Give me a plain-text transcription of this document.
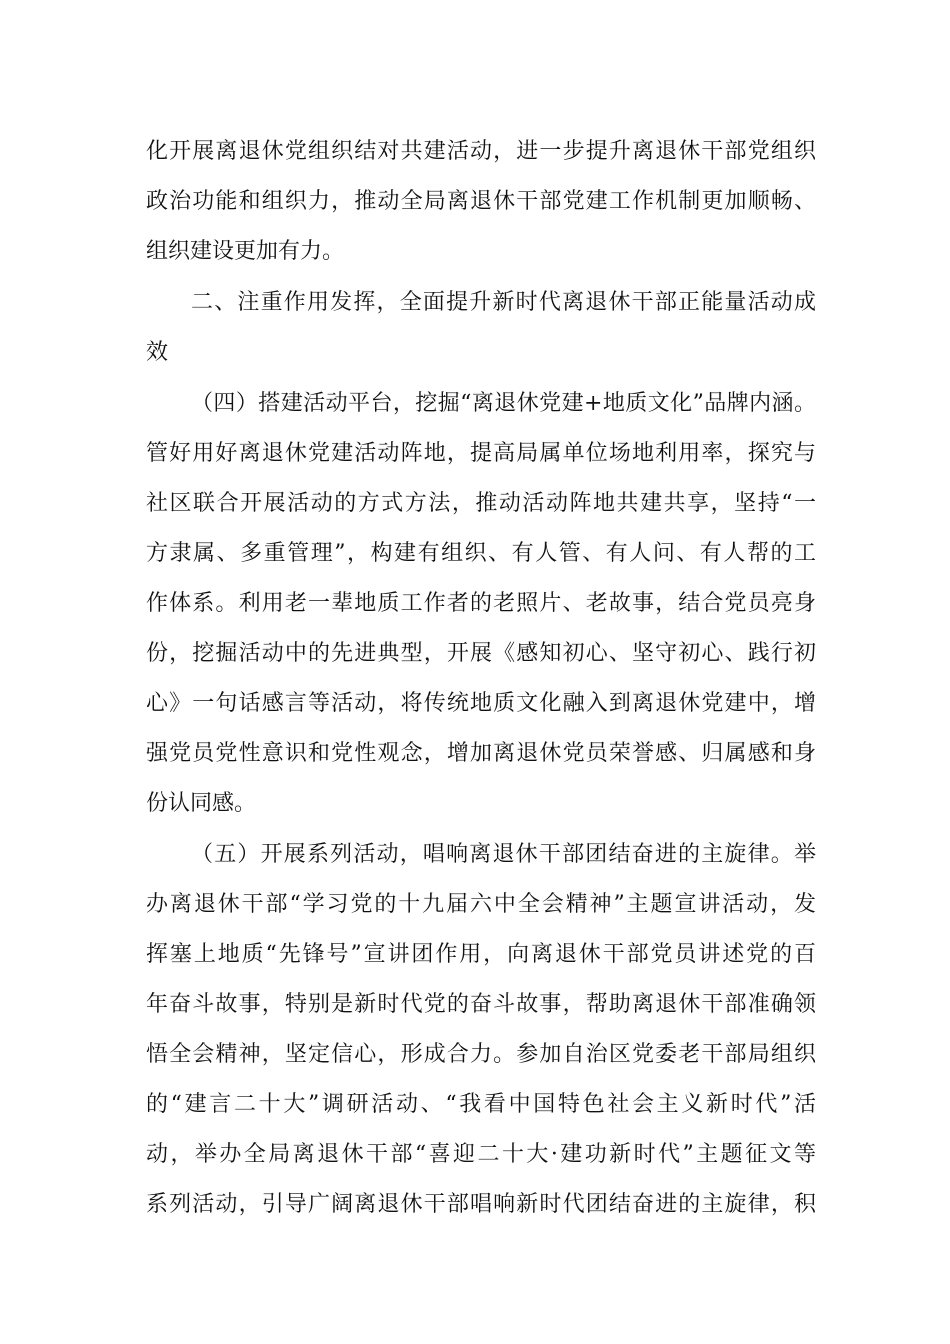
化开展离退休党组织结对共建活动，进一步提升离退休干部党组织
政治功能和组织力，推动全局离退休干部党建工作机制更加顺畅、
组织建设更加有力。
二、注重作用发挥，全面提升新时代离退休干部正能量活动成
效
（四）搭建活动平台，挖掘“离退休党建+地质文化”品牌内涵。
管好用好离退休党建活动阵地，提高局属单位场地利用率，探究与
社区联合开展活动的方式方法，推动活动阵地共建共享，坚持“一
方隶属、多重管理”，构建有组织、有人管、有人问、有人帮的工
作体系。利用老一辈地质工作者的老照片、老故事，结合党员亮身
份，挖掘活动中的先进典型，开展《感知初心、坚守初心、践行初
心》一句话感言等活动，将传统地质文化融入到离退休党建中，增
强党员党性意识和党性观念，增加离退休党员荣誉感、归属感和身
份认同感。
（五）开展系列活动，唱响离退休干部团结奋进的主旋律。举
办离退休干部“学习党的十九届六中全会精神”主题宣讲活动，发
挥塞上地质“先锋号”宣讲团作用，向离退休干部党员讲述党的百
年奋斗故事，特别是新时代党的奋斗故事，帮助离退休干部准确领
悟全会精神，坚定信心，形成合力。参加自治区党委老干部局组织
的“建言二十大”调研活动、“我看中国特色社会主义新时代”活
动，举办全局离退休干部“喜迎二十大·建功新时代”主题征文等
系列活动，引导广阔离退休干部唱响新时代团结奋进的主旋律，积
